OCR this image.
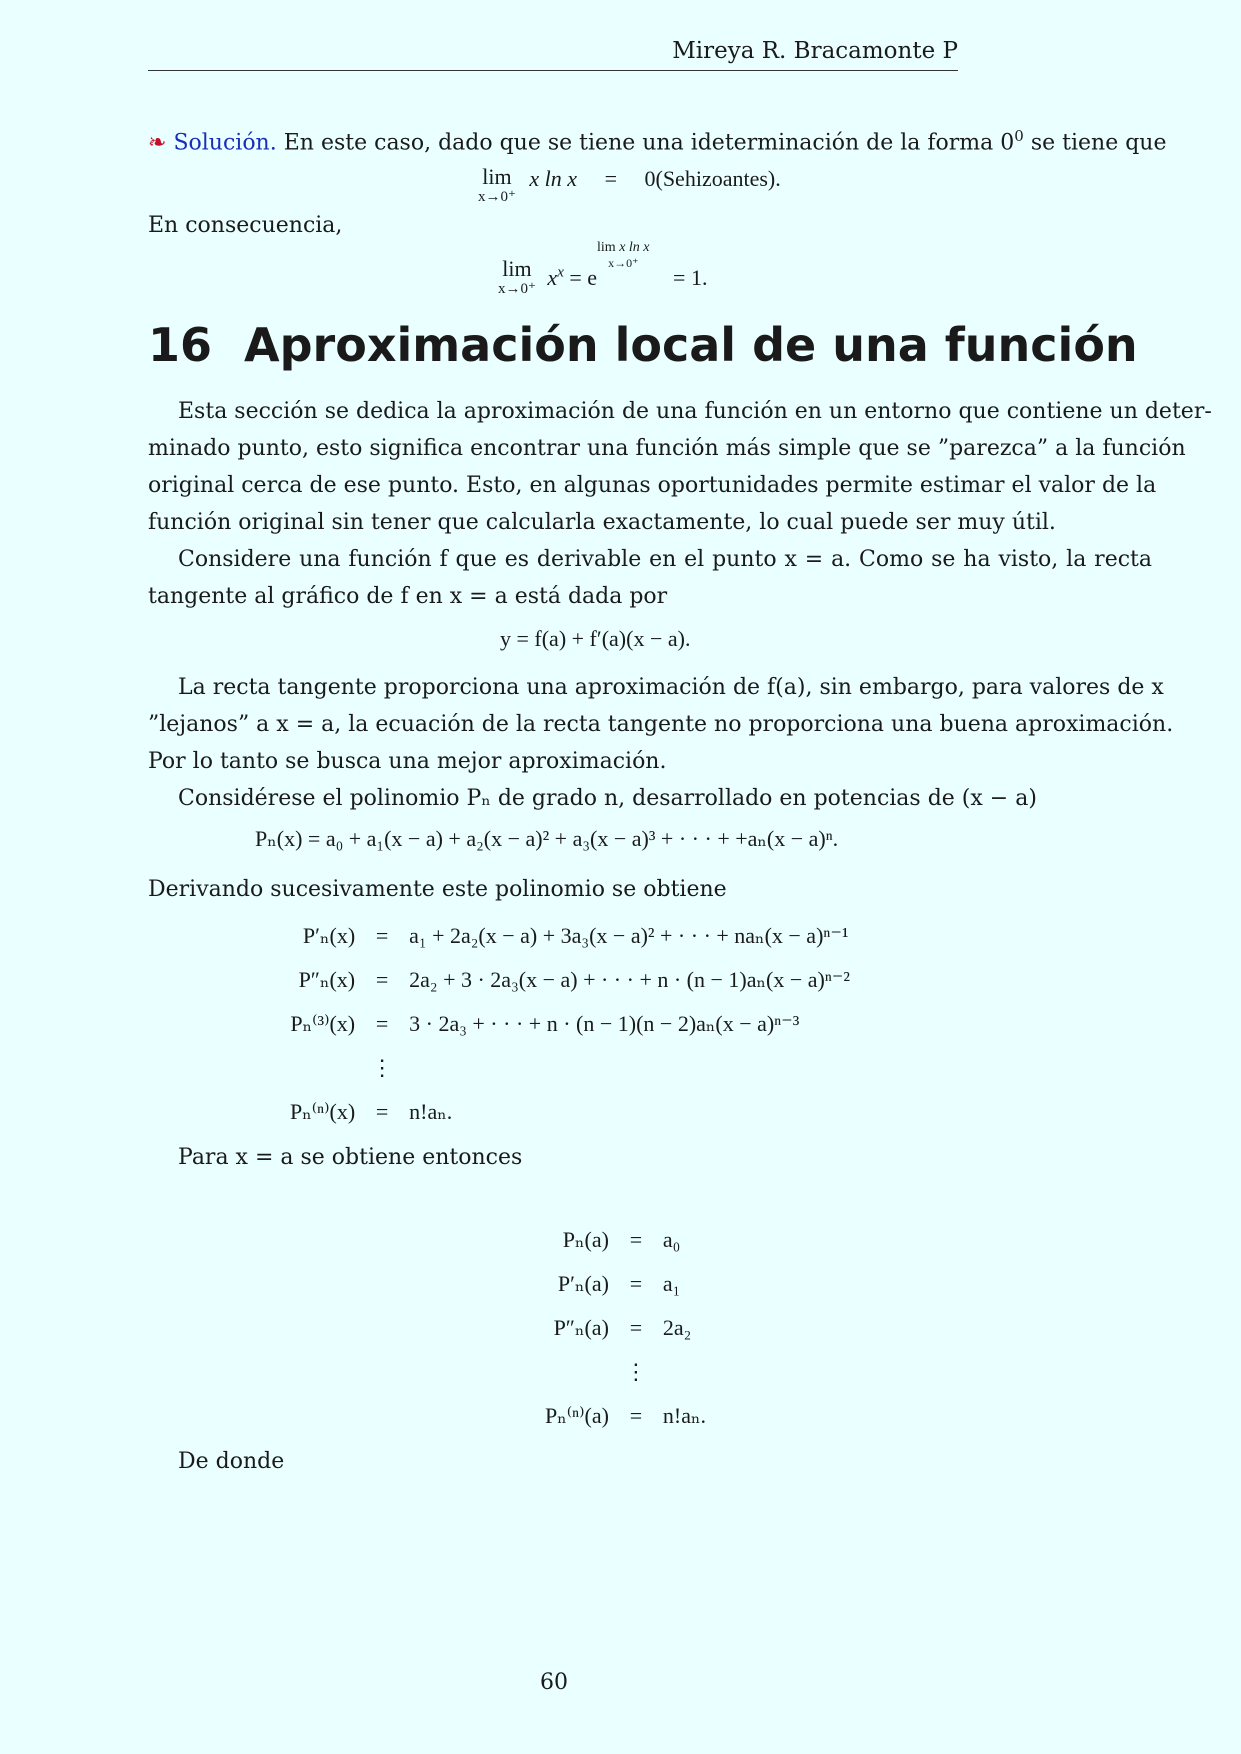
Mireya R. Bracamonte P
❧ Solución. En este caso, dado que se tiene una ideterminación de la forma $0^0$ se tiene que
lim
x→0⁺
x ln x = 0(Sehizoantes).
En consecuencia,
lim
x→0⁺ $x^x = e$
lim x ln x
x→0⁺
= 1.
16 Aproximación local de una función
Esta sección se dedica la aproximación de una función en un entorno que contiene un deter-
minado punto, esto significa encontrar una función más simple que se ”parezca” a la función
original cerca de ese punto. Esto, en algunas oportunidades permite estimar el valor de la
función original sin tener que calcularla exactamente, lo cual puede ser muy útil.
Considere una función f que es derivable en el punto x = a. Como se ha visto, la recta
tangente al gráfico de f en x = a está dada por
y = f(a) + f′(a)(x − a).
La recta tangente proporciona una aproximación de f(a), sin embargo, para valores de x
”lejanos” a x = a, la ecuación de la recta tangente no proporciona una buena aproximación.
Por lo tanto se busca una mejor aproximación.
Considérese el polinomio Pₙ de grado n, desarrollado en potencias de (x − a)
Pₙ(x) = a₀ + a₁(x − a) + a₂(x − a)² + a₃(x − a)³ + · · · + +aₙ(x − a)ⁿ.
Derivando sucesivamente este polinomio se obtiene
P′ₙ(x)	=	a₁ + 2a₂(x − a) + 3a₃(x − a)² + · · · + naₙ(x − a)ⁿ⁻¹
P″ₙ(x)	=	2a₂ + 3 · 2a₃(x − a) + · · · + n · (n − 1)aₙ(x − a)ⁿ⁻²
Pₙ⁽³⁾(x)	=	3 · 2a₃ + · · · + n · (n − 1)(n − 2)aₙ(x − a)ⁿ⁻³
	⋮	
Pₙ⁽ⁿ⁾(x)	=	n!aₙ.
Para x = a se obtiene entonces
Pₙ(a)	=	a₀
P′ₙ(a)	=	a₁
P″ₙ(a)	=	2a₂
	⋮	
Pₙ⁽ⁿ⁾(a)	=	n!aₙ.
De donde
60
